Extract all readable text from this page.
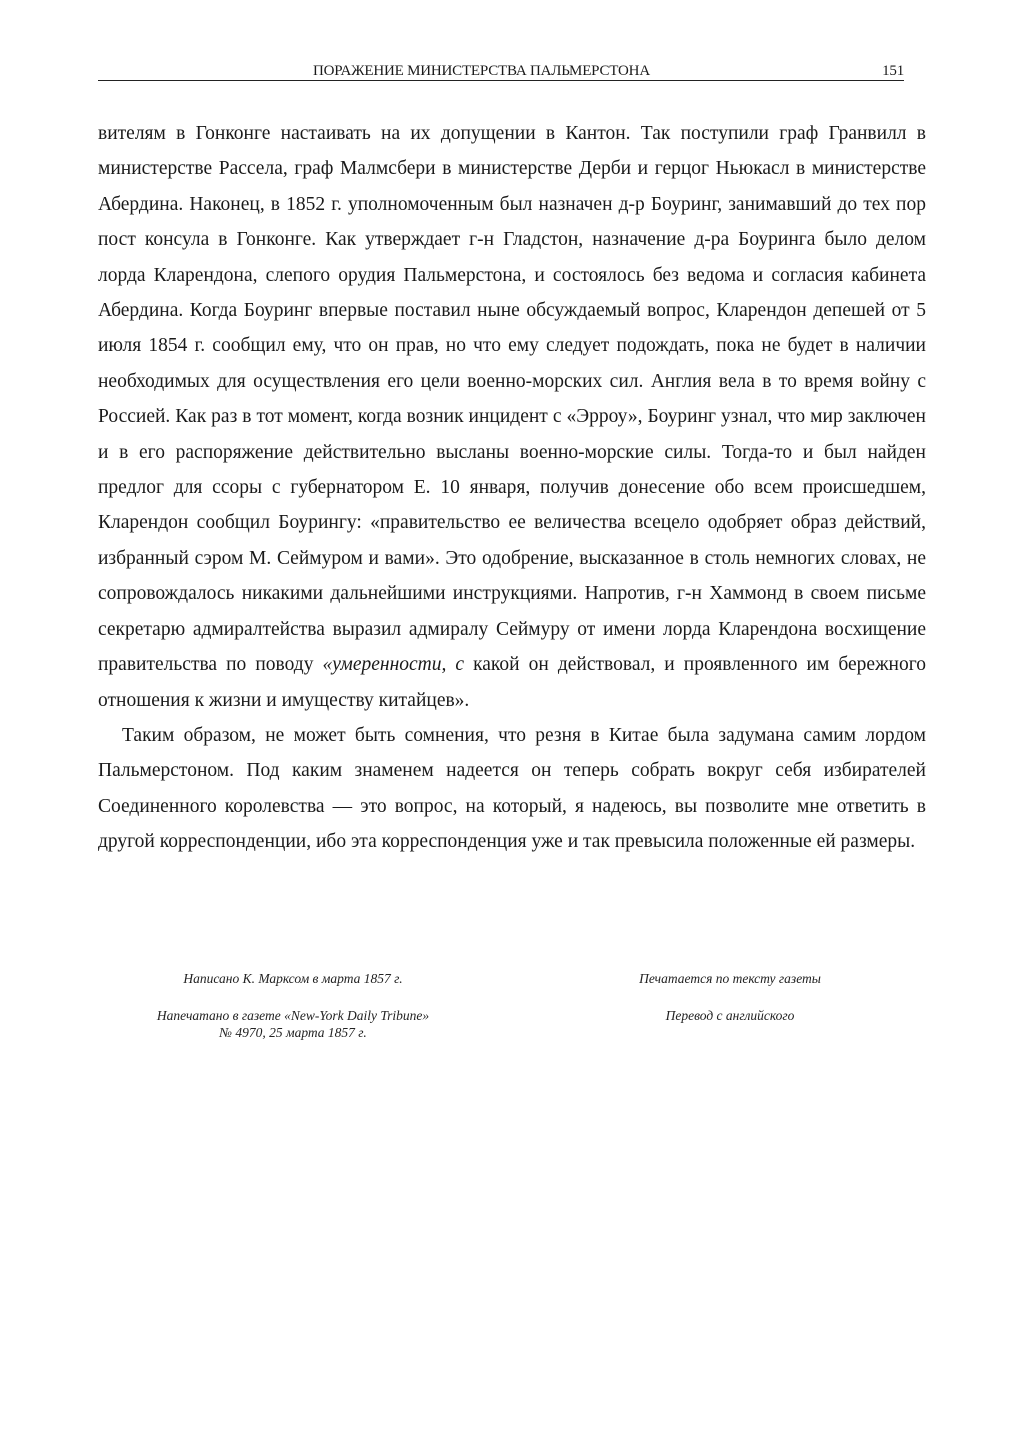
ПОРАЖЕНИЕ МИНИСТЕРСТВА ПАЛЬМЕРСТОНА	151

вителям в Гонконге настаивать на их допущении в Кантон. Так поступили граф Гранвилл в министерстве Рассела, граф Малмсбери в министерстве Дерби и герцог Ньюкасл в министерстве Абердина. Наконец, в 1852 г. уполномоченным был назначен д-р Боуринг, занимавший до тех пор пост консула в Гонконге. Как утверждает г-н Гладстон, назначение д-ра Боуринга было делом лорда Кларендона, слепого орудия Пальмерстона, и состоялось без ведома и согласия кабинета Абердина. Когда Боуринг впервые поставил ныне обсуждаемый вопрос, Кларендон депешей от 5 июля 1854 г. сообщил ему, что он прав, но что ему следует подождать, пока не будет в наличии необходимых для осуществления его цели военно-морских сил. Англия вела в то время войну с Россией. Как раз в тот момент, когда возник инцидент с «Эрроу», Боуринг узнал, что мир заключен и в его распоряжение действительно высланы военно-морские силы. Тогда-то и был найден предлог для ссоры с губернатором Е. 10 января, получив донесение обо всем происшедшем, Кларендон сообщил Боурингу: «правительство ее величества всецело одобряет образ действий, избранный сэром М. Сеймуром и вами». Это одобрение, высказанное в столь немногих словах, не сопровождалось никакими дальнейшими инструкциями. Напротив, г-н Хаммонд в своем письме секретарю адмиралтейства выразил адмиралу Сеймуру от имени лорда Кларендона восхищение правительства по поводу «умеренности, с какой он действовал, и проявленного им бережного отношения к жизни и имуществу китайцев».

Таким образом, не может быть сомнения, что резня в Китае была задумана самим лордом Пальмерстоном. Под каким знаменем надеется он теперь собрать вокруг себя избирателей Соединенного королевства — это вопрос, на который, я надеюсь, вы позволите мне ответить в другой корреспонденции, ибо эта корреспонденция уже и так превысила положенные ей размеры.

Написано К. Марксом в марта 1857 г.
Напечатано в газете «New-York Daily Tribune»
№ 4970, 25 марта 1857 г.
Печатается по тексту газеты
Перевод с английского
